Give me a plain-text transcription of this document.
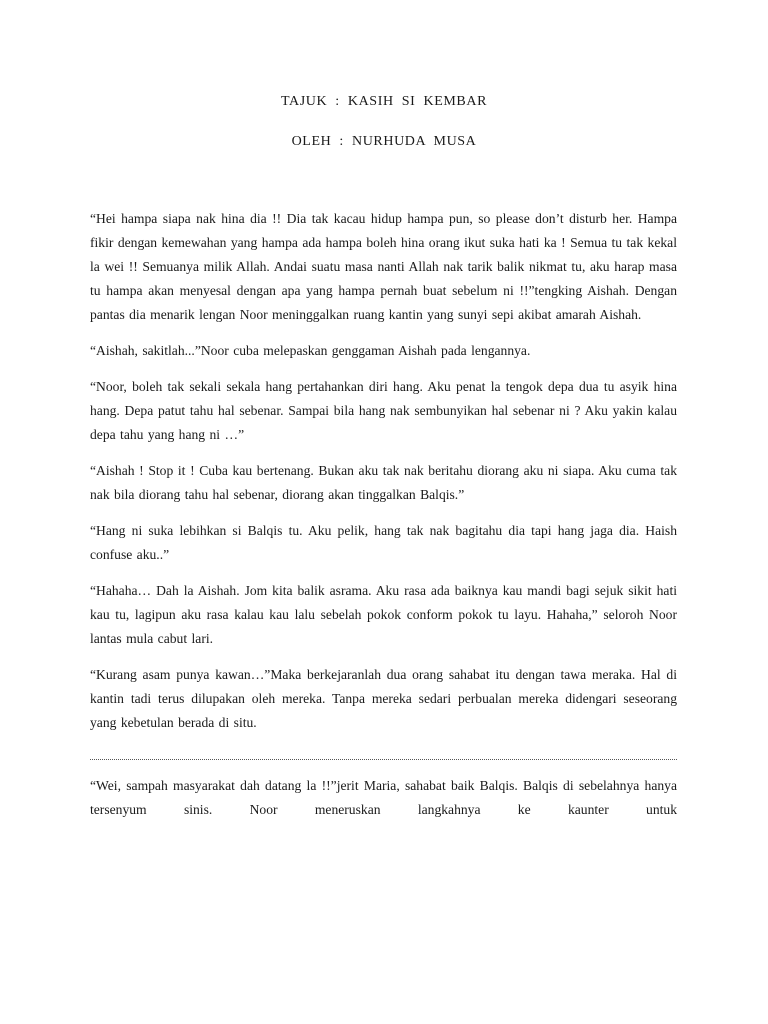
TAJUK : KASIH SI KEMBAR
OLEH : NURHUDA MUSA

“Hei hampa siapa nak hina dia !! Dia tak kacau hidup hampa pun, so please don’t disturb her. Hampa fikir dengan kemewahan yang hampa ada hampa boleh hina orang ikut suka hati ka ! Semua tu tak kekal la wei !! Semuanya milik Allah. Andai suatu masa nanti Allah nak tarik balik nikmat tu, aku harap masa tu hampa akan menyesal dengan apa yang hampa pernah buat sebelum ni !!”tengking Aishah. Dengan pantas dia menarik lengan Noor meninggalkan ruang kantin yang sunyi sepi akibat amarah Aishah.

“Aishah, sakitlah...”Noor cuba melepaskan genggaman Aishah pada lengannya.

“Noor, boleh tak sekali sekala hang pertahankan diri hang. Aku penat la tengok depa dua tu asyik hina hang. Depa patut tahu hal sebenar. Sampai bila hang nak sembunyikan hal sebenar ni ? Aku yakin kalau depa tahu yang hang ni …”

“Aishah ! Stop it ! Cuba kau bertenang. Bukan aku tak nak beritahu diorang aku ni siapa. Aku cuma tak nak bila diorang tahu hal sebenar, diorang akan tinggalkan Balqis.”

“Hang ni suka lebihkan si Balqis tu. Aku pelik, hang tak nak bagitahu dia tapi hang jaga dia. Haish confuse aku..”

“Hahaha… Dah la Aishah. Jom kita balik asrama. Aku rasa ada baiknya kau mandi bagi sejuk sikit hati kau tu, lagipun aku rasa kalau kau lalu sebelah pokok conform pokok tu layu. Hahaha,” seloroh Noor lantas mula cabut lari.

“Kurang asam punya kawan…”Maka berkejaranlah dua orang sahabat itu dengan tawa meraka. Hal di kantin tadi terus dilupakan oleh mereka. Tanpa mereka sedari perbualan mereka didengari seseorang yang kebetulan berada di situ.

“Wei, sampah masyarakat dah datang la !!”jerit Maria, sahabat baik Balqis. Balqis di sebelahnya hanya tersenyum sinis. Noor meneruskan langkahnya ke kaunter untuk
